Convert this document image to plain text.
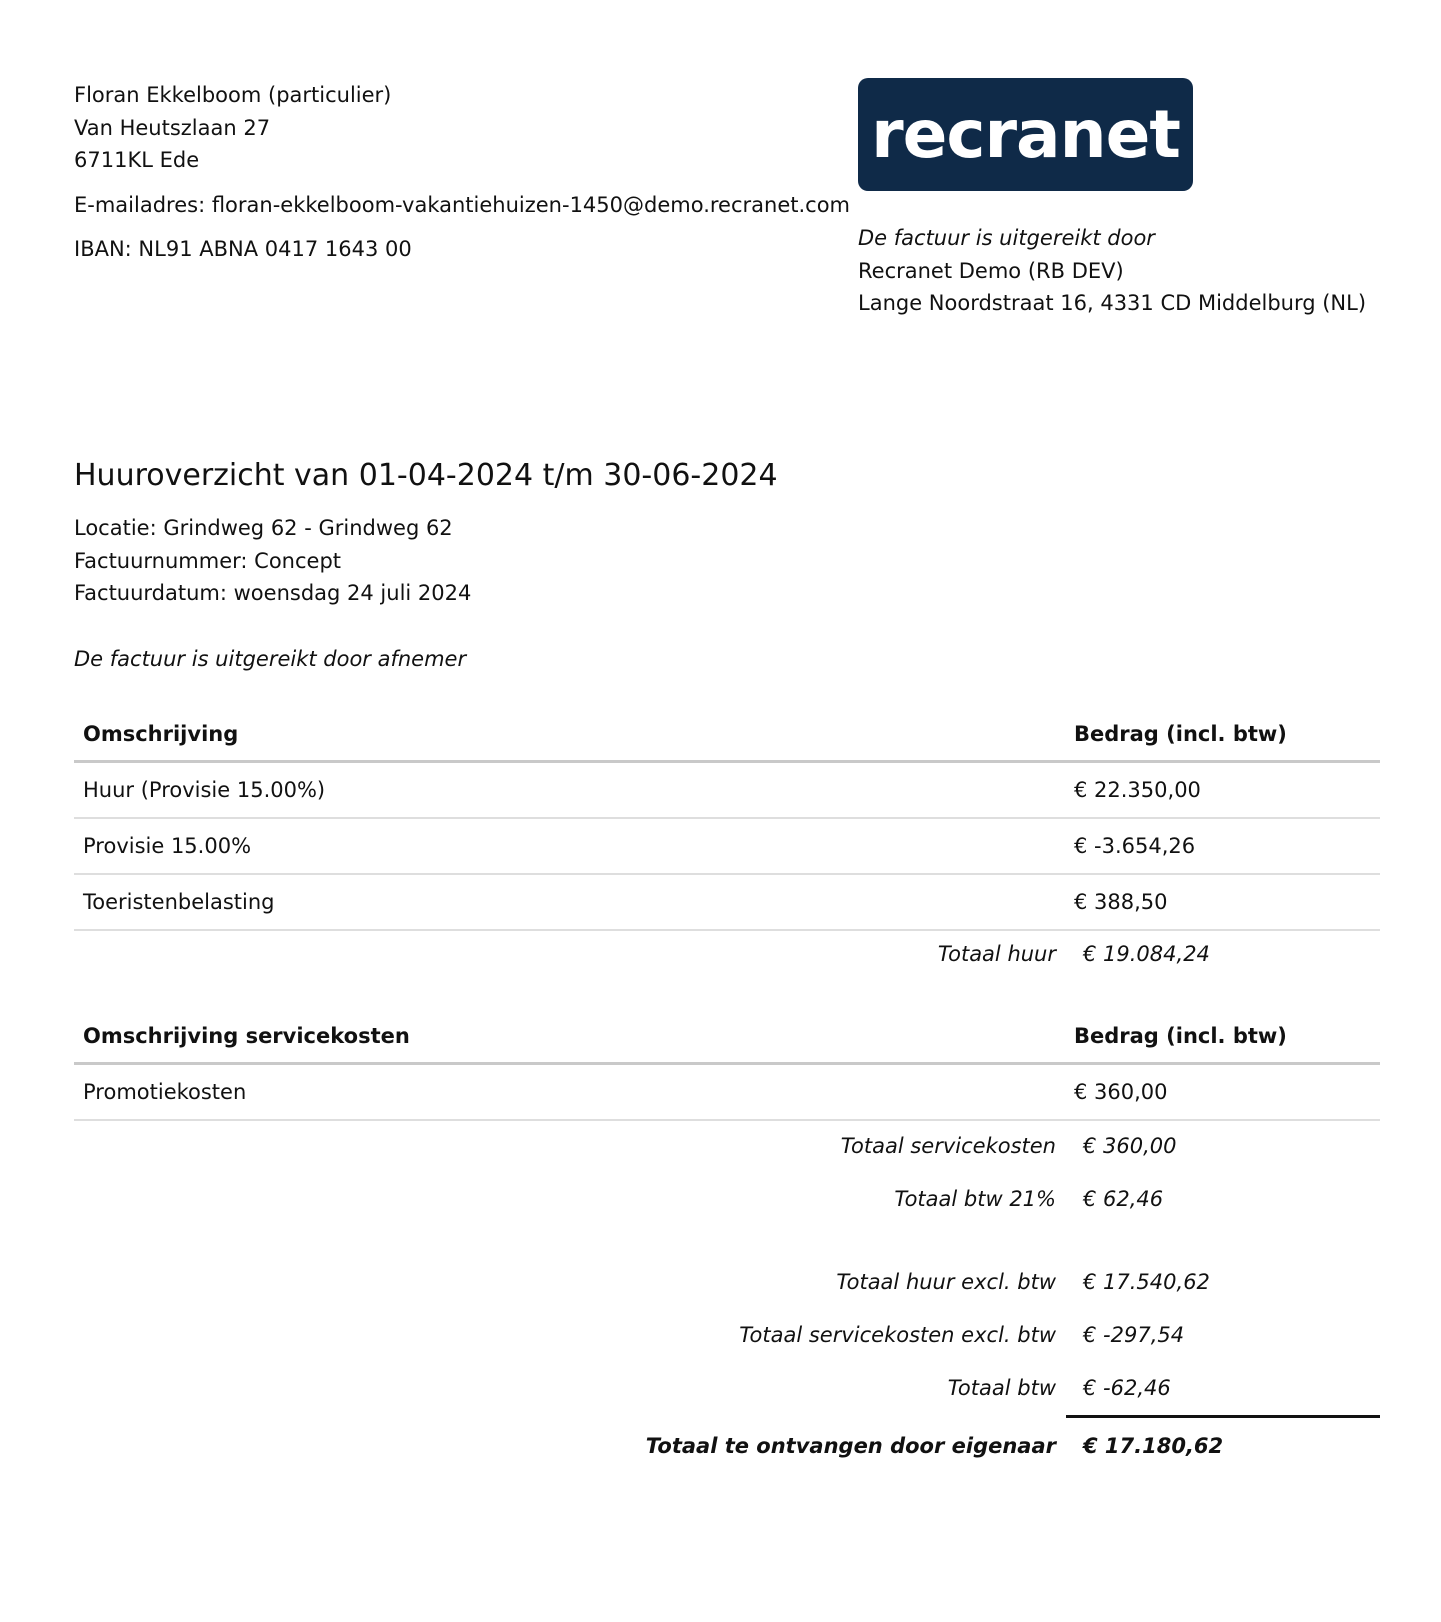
Floran Ekkelboom (particulier)
Van Heutszlaan 27
6711KL Ede
E-mailadres: floran-ekkelboom-vakantiehuizen-1450@demo.recranet.com
IBAN: NL91 ABNA 0417 1643 00
recranet
De factuur is uitgereikt door
Recranet Demo (RB DEV)
Lange Noordstraat 16, 4331 CD Middelburg (NL)
Huuroverzicht van 01-04-2024 t/m 30-06-2024
Locatie: Grindweg 62 - Grindweg 62
Factuurnummer: Concept
Factuurdatum: woensdag 24 juli 2024
De factuur is uitgereikt door afnemer
Omschrijving	Bedrag (incl. btw)
Huur (Provisie 15.00%)	€ 22.350,00
Provisie 15.00%	€ -3.654,26
Toeristenbelasting	€ 388,50
Totaal huur	€ 19.084,24
Omschrijving servicekosten	Bedrag (incl. btw)
Promotiekosten	€ 360,00
Totaal servicekosten	€ 360,00
Totaal btw 21%	€ 62,46
Totaal huur excl. btw	€ 17.540,62
Totaal servicekosten excl. btw	€ -297,54
Totaal btw	€ -62,46
Totaal te ontvangen door eigenaar	€ 17.180,62
